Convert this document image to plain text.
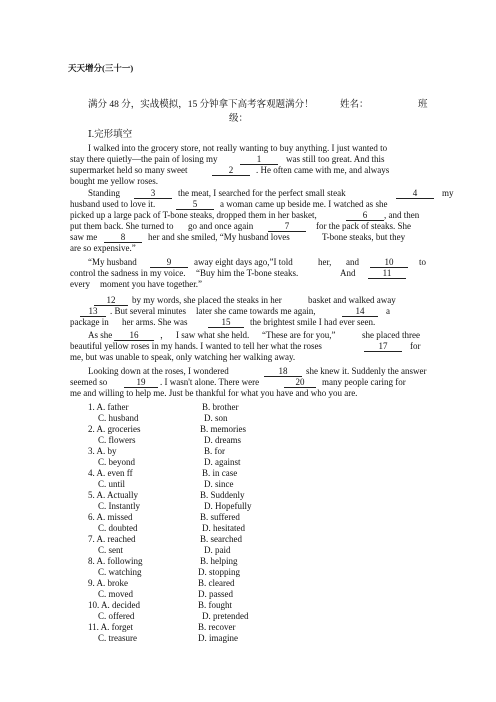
天天增分(三十一)
满分 48 分，实战模拟，15 分钟拿下高考客观题满分！	姓名：	班
级：
Ⅰ.完形填空
I walked into the grocery store, not really wanting to buy anything. I just wanted to
stay there quietly—the pain of losing my	1	was still too great. And this
supermarket held so many sweet	2	. He often came with me, and always
bought me yellow roses.
Standing	3	the meat, I searched for the perfect small steak	4	my
husband used to love it.	5	a woman came up beside me. I watched as she
picked up a large pack of T-bone steaks, dropped them in her basket,	6	, and then
put them back. She turned to go and once again	7	for the pack of steaks. She
saw me	8	her and she smiled, “My husband loves	T-bone steaks, but they
are so expensive.”
“My husband	9	away eight days ago,”I told	her, and	10	to
control the sadness in my voice. “Buy him the T-bone steaks.	And	11
every moment you have together.”
12	by my words, she placed the steaks in her	basket and walked away
13	. But several minutes later she came towards me again,	14	a
package in her arms. She was	15	the brightest smile I had ever seen.
As she	16	， I saw what she held. “These are for you,”	she placed three
beautiful yellow roses in my hands. I wanted to tell her what the roses	17	for
me, but was unable to speak, only watching her walking away.
Looking down at the roses, I wondered	18	she knew it. Suddenly the answer
seemed so	19	. I wasn't alone. There were	20	many people caring for
me and willing to help me. Just be thankful for what you have and who you are.
1. A. father	B. brother
C. husband	D. son
2. A. groceries	B. memories
C. flowers	D. dreams
3. A. by	B. for
C. beyond	D. against
4. A. even ff	B. in case
C. until	D. since
5. A. Actually	B. Suddenly
C. Instantly	D. Hopefully
6. A. missed	B. suffered
C. doubted	D. hesitated
7. A. reached	B. searched
C. sent	D. paid
8. A. following	B. helping
C. watching	D. stopping
9. A. broke	B. cleared
C. moved	D. passed
10. A. decided	B. fought
C. offered	D. pretended
11. A. forget	B. recover
C. treasure	D. imagine
